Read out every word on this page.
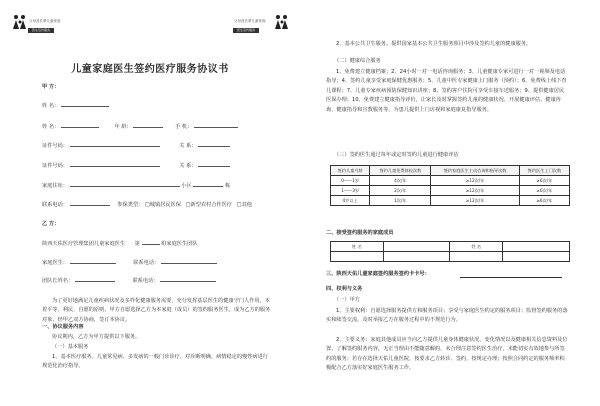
父母及长辈儿童家庭
医生签约服务
父母及长辈儿童家庭
医生签约服务
儿童家庭医生签约医疗服务协议书
甲 方：
姓 名：
姓 名：	年 龄：	手 机：
证件号码：	关 系：
证件号码：	关 系：
家庭住址：	小区	栋
联系电话：	参保类型： □城镇居民医保 □新型农村合作医疗 □其他
乙 方：
陕西天佑医疗管理集团儿童家庭医生 第	组家庭医生团队
家庭医生：	联系电话：
团队长姓名：	联系电话：
为了更好地满足儿童疾病状况及多样化健康服务需要，充分发挥基层医生的健康守门人作用，本着平等、利民、自愿的原则，甲方自愿选择乙方为本家庭（成员）的签约服务医生，成为乙方的服务对象，经甲乙双方协商，签订本协议。
一、协议服务内容
协议期内，乙方为甲方提供以下服务。
（一）基本服务
1、基本医疗服务。儿童常见病、多发病的一般门诊诊疗、对诊断明确、病情稳定的慢性病进行规范化治疗指导。
2、基本公共卫生服务。提供国家基本公共卫生服务项目中涉及签约儿童的健康服务。
（二）健康综合服务
1、免费建立健康档案；2、24小时一对一电话咨询服务；3、儿童健康专家可进行一对一视频及电话指导；4、签约儿童享受家庭保健优惠服务；5、儿童中医专家健康上门服务（预约）；6、免费线上线下育儿课程；7、儿童专家疾病预防保健知识讲座；8、签约客户住院可享受车接车送服务；9、提供健康居民医保办理；10、免费建立健康指导评价，让家长及时掌握签约儿童的健康状况、开展健康评估、健康咨询、健康指导和宣教服务等，为患儿提供上门访视和家庭康复指导服务。
（三）签约医生通过每年或定时签约儿童进行健康评估
签约儿童月龄	签约儿童免费体检次数	签约家庭医生主动咨询和指导次数	签约医生上门次数
0——1岁	4次/年	≥12次/年	≥6次/年
1——3岁	2次/年	≥12次/年	≥6次/年
4岁以上	1次/年	≥12次/年	≥6次/年
二、接受签约服务的家庭成员
姓 名		姓 名	

三、陕西天佑儿童家庭签约服务签约卡卡号：
四、权利与义务
（一）甲方
1、主要权利：自愿选择服务提供方和服务项目；享受与家庭医生约定的服务项目；监督签约服务的落实和续签交流，及时举报乙方在服务过程中的不规范行为。
2、主要义务：家庭其他成员应当向乙方提供儿童身体健康状况、变化情况以及健康相关信息资料及位置，了解签约服务内容，无正当理由不能随意解约，未合理注意签约医生治疗，未能切实有效地参与所签约的服务；若存在选择天佑儿童医院，按要求乙方转诊、签约，按规定办理；按照合同约定的服务频率积极配合乙方落实好家庭医生服务工作。
